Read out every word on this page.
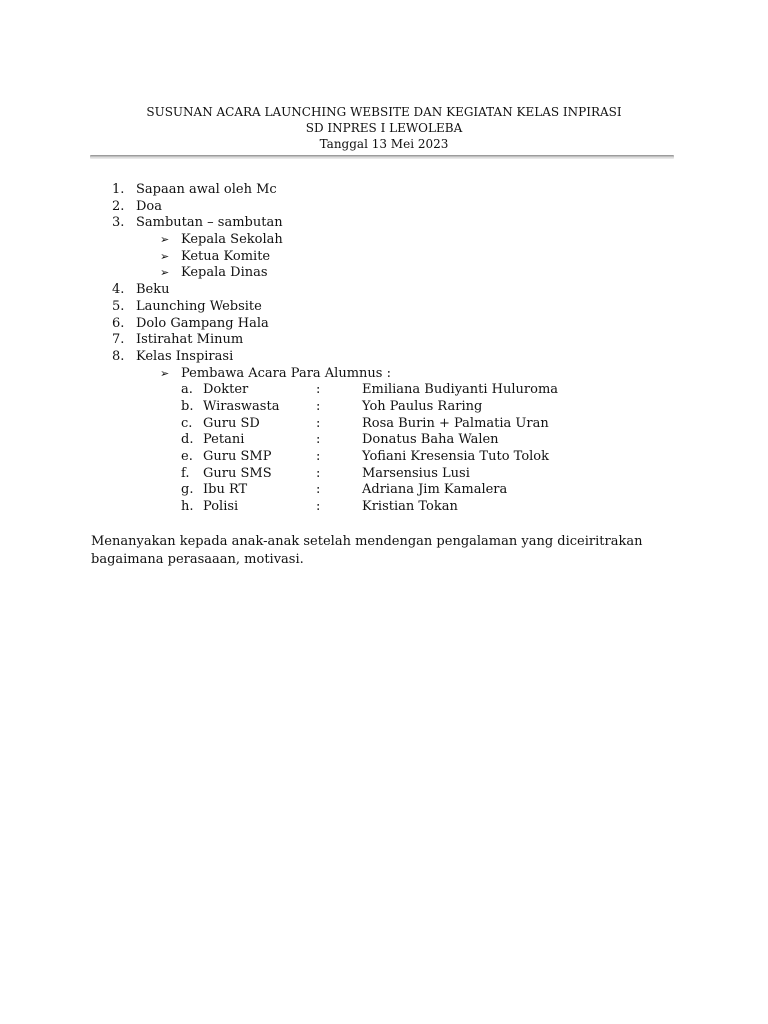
SUSUNAN ACARA LAUNCHING WEBSITE DAN KEGIATAN KELAS INPIRASI
SD INPRES I LEWOLEBA
Tanggal 13 Mei 2023
1. Sapaan awal oleh Mc
2. Doa
3. Sambutan – sambutan
➢ Kepala Sekolah
➢ Ketua Komite
➢ Kepala Dinas
4. Beku
5. Launching Website
6. Dolo Gampang Hala
7. Istirahat Minum
8. Kelas Inspirasi
➢ Pembawa Acara Para Alumnus :
a. Dokter	:	Emiliana Budiyanti Huluroma
b. Wiraswasta	:	Yoh Paulus Raring
c. Guru SD	:	Rosa Burin + Palmatia Uran
d. Petani	:	Donatus Baha Walen
e. Guru SMP	:	Yofiani Kresensia Tuto Tolok
f. Guru SMS	:	Marsensius Lusi
g. Ibu RT	:	Adriana Jim Kamalera
h. Polisi	:	Kristian Tokan
Menanyakan kepada anak-anak setelah mendengan pengalaman yang diceiritrakan bagaimana perasaaan, motivasi.
